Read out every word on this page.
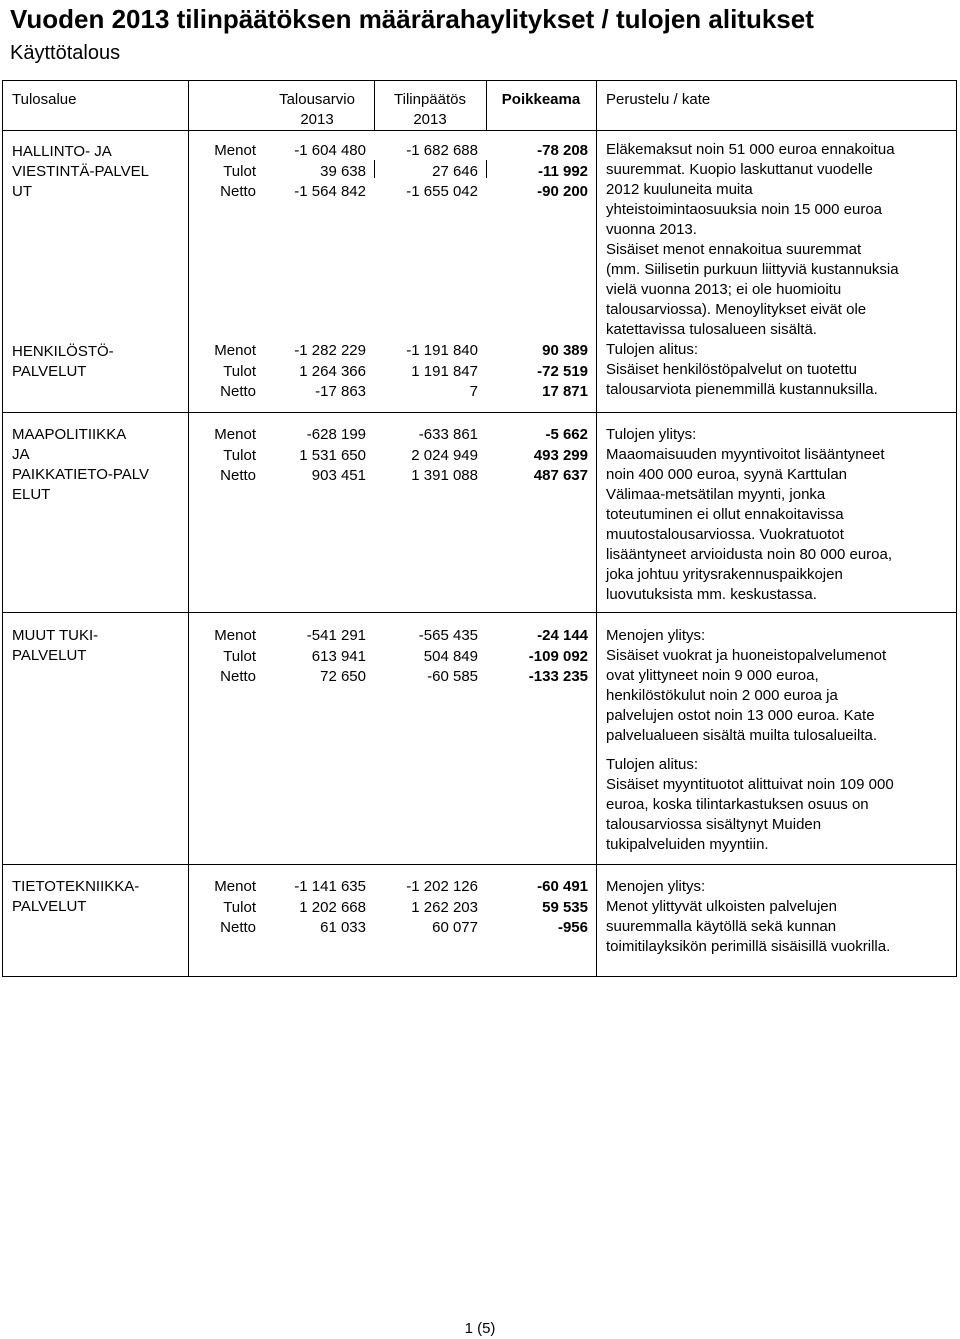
Vuoden 2013 tilinpäätöksen määrärahaylitykset / tulojen alitukset
Käyttötalous
Tulosalue	Talousarvio
2013
Tilinpäätös
2013
Poikkeama	Perustelu / kate
HALLINTO- JA
VIESTINTÄ-PALVEL
UT
Menot
Tulot
Netto
-1 604 480
39 638
-1 564 842
-1 682 688
27 646
-1 655 042
-78 208
-11 992
-90 200
HENKILÖSTÖ-
PALVELUT
Menot
Tulot
Netto
-1 282 229
1 264 366
-17 863
-1 191 840
1 191 847
7
90 389
-72 519
17 871
Eläkemaksut noin 51 000 euroa ennakoitua
suuremmat. Kuopio laskuttanut vuodelle
2012 kuuluneita muita
yhteistoimintaosuuksia noin 15 000 euroa
vuonna 2013.
Sisäiset menot ennakoitua suuremmat
(mm. Siilisetin purkuun liittyviä kustannuksia
vielä vuonna 2013; ei ole huomioitu
talousarviossa). Menoylitykset eivät ole
katettavissa tulosalueen sisältä.
Tulojen alitus:
Sisäiset henkilöstöpalvelut on tuotettu
talousarviota pienemmillä kustannuksilla.
MAAPOLITIIKKA
JA
PAIKKATIETO-PALV
ELUT
Menot
Tulot
Netto
-628 199
1 531 650
903 451
-633 861
2 024 949
1 391 088
-5 662
493 299
487 637
Tulojen ylitys:
Maaomaisuuden myyntivoitot lisääntyneet
noin 400 000 euroa, syynä Karttulan
Välimaa-metsätilan myynti, jonka
toteutuminen ei ollut ennakoitavissa
muutostalousarviossa. Vuokratuotot
lisääntyneet arvioidusta noin 80 000 euroa,
joka johtuu yritysrakennuspaikkojen
luovutuksista mm. keskustassa.
MUUT TUKI-
PALVELUT
Menot
Tulot
Netto
-541 291
613 941
72 650
-565 435
504 849
-60 585
-24 144
-109 092
-133 235
Menojen ylitys:
Sisäiset vuokrat ja huoneistopalvelumenot
ovat ylittyneet noin 9 000 euroa,
henkilöstökulut noin 2 000 euroa ja
palvelujen ostot noin 13 000 euroa. Kate
palvelualueen sisältä muilta tulosalueilta.
Tulojen alitus:
Sisäiset myyntituotot alittuivat noin 109 000
euroa, koska tilintarkastuksen osuus on
talousarviossa sisältynyt Muiden
tukipalveluiden myyntiin.
TIETOTEKNIIKKA-
PALVELUT
Menot
Tulot
Netto
-1 141 635
1 202 668
61 033
-1 202 126
1 262 203
60 077
-60 491
59 535
-956
Menojen ylitys:
Menot ylittyvät ulkoisten palvelujen
suuremmalla käytöllä sekä kunnan
toimitilayksikön perimillä sisäisillä vuokrilla.
1 (5)
